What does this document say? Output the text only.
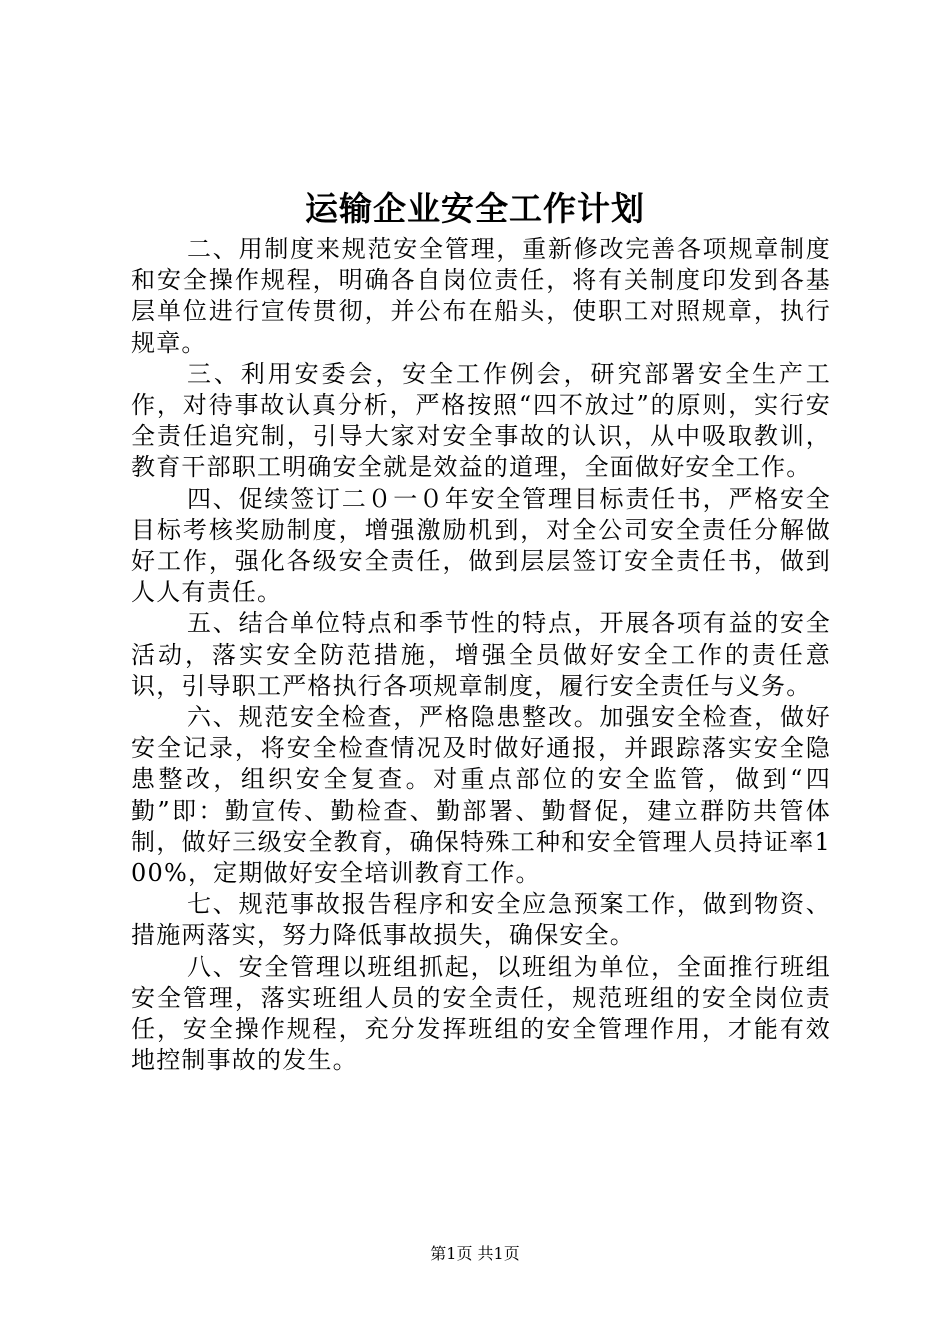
运输企业安全工作计划

二、用制度来规范安全管理，重新修改完善各项规章制度和安全操作规程，明确各自岗位责任，将有关制度印发到各基层单位进行宣传贯彻，并公布在船头，使职工对照规章，执行规章。

三、利用安委会，安全工作例会，研究部署安全生产工作，对待事故认真分析，严格按照“四不放过”的原则，实行安全责任追究制，引导大家对安全事故的认识，从中吸取教训，教育干部职工明确安全就是效益的道理，全面做好安全工作。

四、促续签订二０一０年安全管理目标责任书，严格安全目标考核奖励制度，增强激励机到，对全公司安全责任分解做好工作，强化各级安全责任，做到层层签订安全责任书，做到人人有责任。

五、结合单位特点和季节性的特点，开展各项有益的安全活动，落实安全防范措施，增强全员做好安全工作的责任意识，引导职工严格执行各项规章制度，履行安全责任与义务。

六、规范安全检查，严格隐患整改。加强安全检查，做好安全记录，将安全检查情况及时做好通报，并跟踪落实安全隐患整改，组织安全复查。对重点部位的安全监管，做到“四勤”即：勤宣传、勤检查、勤部署、勤督促，建立群防共管体制，做好三级安全教育，确保特殊工种和安全管理人员持证率100%，定期做好安全培训教育工作。

七、规范事故报告程序和安全应急预案工作，做到物资、措施两落实，努力降低事故损失，确保安全。

八、安全管理以班组抓起，以班组为单位，全面推行班组安全管理，落实班组人员的安全责任，规范班组的安全岗位责任，安全操作规程，充分发挥班组的安全管理作用，才能有效地控制事故的发生。

第1页 共1页
